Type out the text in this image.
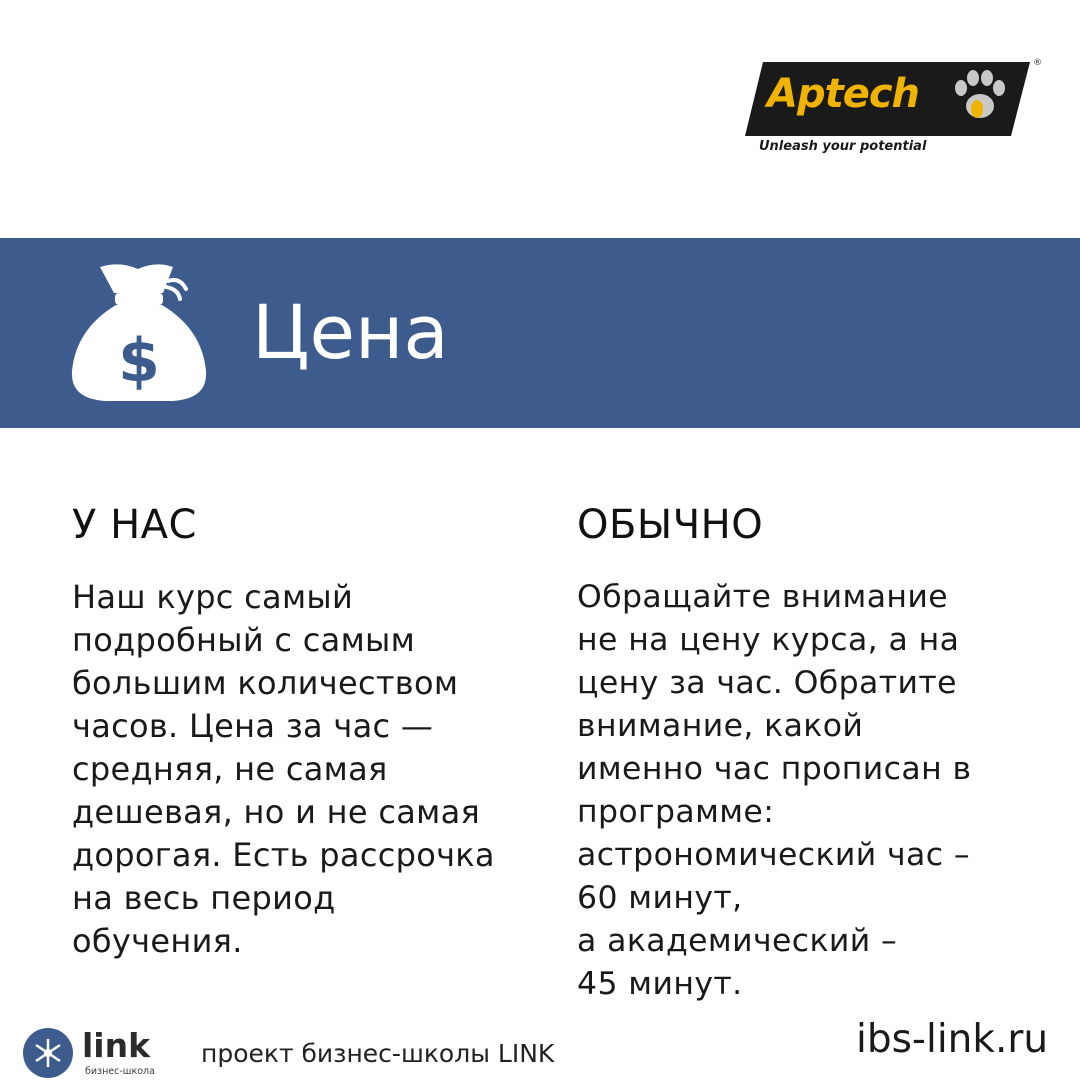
Aptech
®
Unleash your potential
$ Цена
У НАС

Наш курс самый
подробный с самым
большим количеством
часов. Цена за час —
средняя, не самая
дешевая, но и не самая
дорогая. Есть рассрочка
на весь период
обучения.

ОБЫЧНО

Обращайте внимание
не на цену курса, а на
цену за час. Обратите
внимание, какой
именно час прописан в
программе:
астрономический час –
60 минут,
а академический –
45 минут.

link
бизнес-школа
проект бизнес-школы LINK	ibs-link.ru
